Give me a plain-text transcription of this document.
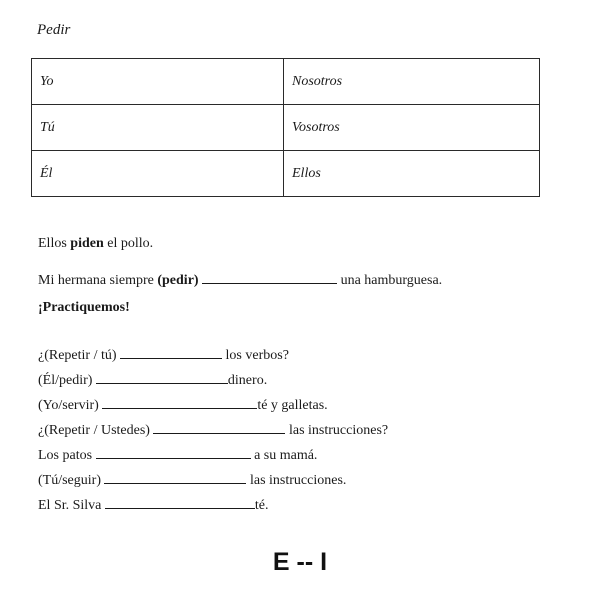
Pedir
Yo	Nosotros
Tú	Vosotros
Él	Ellos
Ellos piden el pollo.
Mi hermana siempre (pedir)	una hamburguesa.
¡Practiquemos!
¿(Repetir / tú)	los verbos?
(Él/pedir)	dinero.
(Yo/servir)	té y galletas.
¿(Repetir / Ustedes)	las instrucciones?
Los patos	a su mamá.
(Tú/seguir)	las instrucciones.
El Sr. Silva	té.
E -- I
